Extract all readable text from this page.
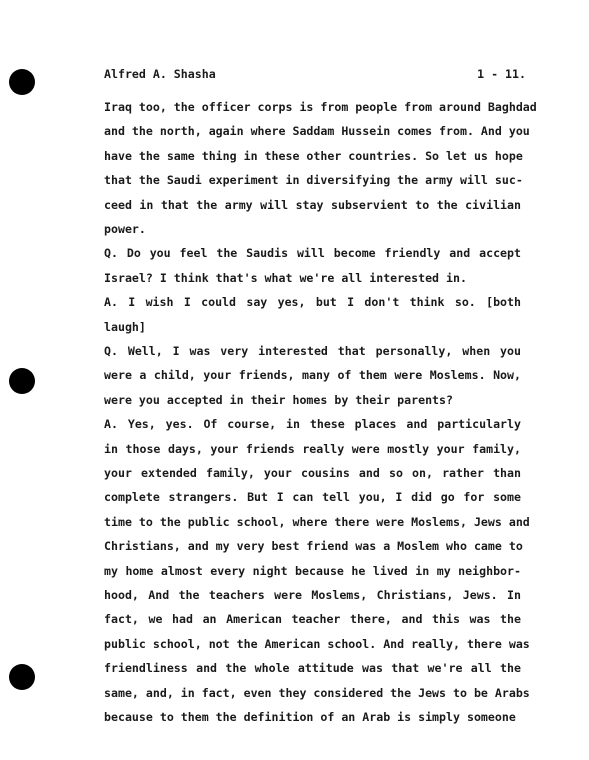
Alfred A. Shasha	1 - 11.
Iraq too, the officer corps is from people from around Baghdad
and the north, again where Saddam Hussein comes from. And you
have the same thing in these other countries. So let us hope
that the Saudi experiment in diversifying the army will suc-
ceed in that the army will stay subservient to the civilian
power.
Q. Do you feel the Saudis will become friendly and accept
Israel? I think that's what we're all interested in.
A. I wish I could say yes, but I don't think so. [both
laugh]
Q. Well, I was very interested that personally, when you
were a child, your friends, many of them were Moslems. Now,
were you accepted in their homes by their parents?
A. Yes, yes. Of course, in these places and particularly
in those days, your friends really were mostly your family,
your extended family, your cousins and so on, rather than
complete strangers. But I can tell you, I did go for some
time to the public school, where there were Moslems, Jews and
Christians, and my very best friend was a Moslem who came to
my home almost every night because he lived in my neighbor-
hood, And the teachers were Moslems, Christians, Jews. In
fact, we had an American teacher there, and this was the
public school, not the American school. And really, there was
friendliness and the whole attitude was that we're all the
same, and, in fact, even they considered the Jews to be Arabs
because to them the definition of an Arab is simply someone
